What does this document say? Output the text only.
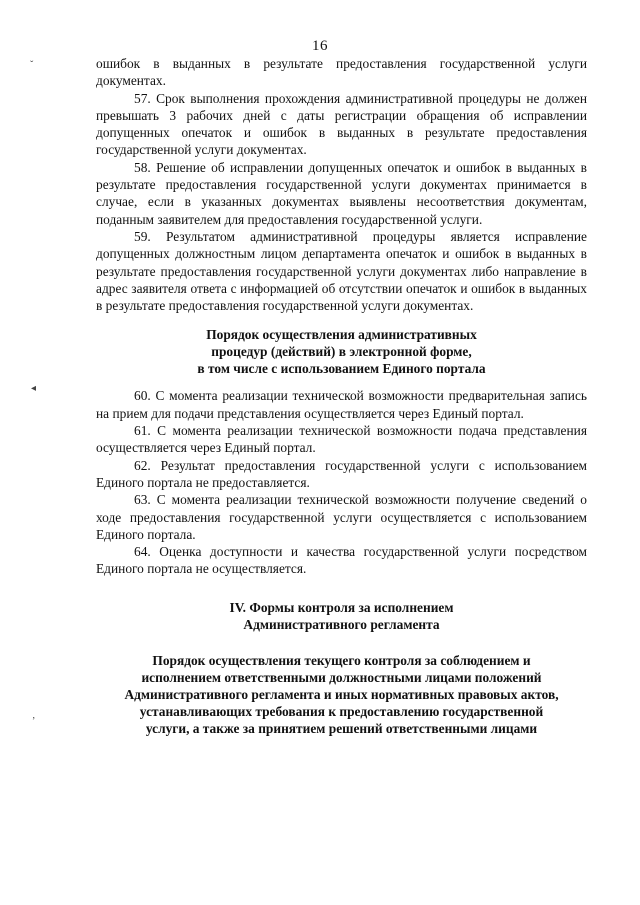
16
ˇ
◂
‚

ошибок в выданных в результате предоставления государственной услуги документах.

57. Срок выполнения прохождения административной процедуры не должен превышать 3 рабочих дней с даты регистрации обращения об исправлении допущенных опечаток и ошибок в выданных в результате предоставления государственной услуги документах.

58. Решение об исправлении допущенных опечаток и ошибок в выданных в результате предоставления государственной услуги документах принимается в случае, если в указанных документах выявлены несоответствия документам, поданным заявителем для предоставления государственной услуги.

59. Результатом административной процедуры является исправление допущенных должностным лицом департамента опечаток и ошибок в выданных в результате предоставления государственной услуги документах либо направление в адрес заявителя ответа с информацией об отсутствии опечаток и ошибок в выданных в результате предоставления государственной услуги документах.

Порядок осуществления административных
процедур (действий) в электронной форме,
в том числе с использованием Единого портала

60. С момента реализации технической возможности предварительная запись на прием для подачи представления осуществляется через Единый портал.

61. С момента реализации технической возможности подача представления осуществляется через Единый портал.

62. Результат предоставления государственной услуги с использованием Единого портала не предоставляется.

63. С момента реализации технической возможности получение сведений о ходе предоставления государственной услуги осуществляется с использованием Единого портала.

64. Оценка доступности и качества государственной услуги посредством Единого портала не осуществляется.

IV. Формы контроля за исполнением
Административного регламента
Порядок осуществления текущего контроля за соблюдением и
исполнением ответственными должностными лицами положений
Административного регламента и иных нормативных правовых актов,
устанавливающих требования к предоставлению государственной
услуги, а также за принятием решений ответственными лицами
